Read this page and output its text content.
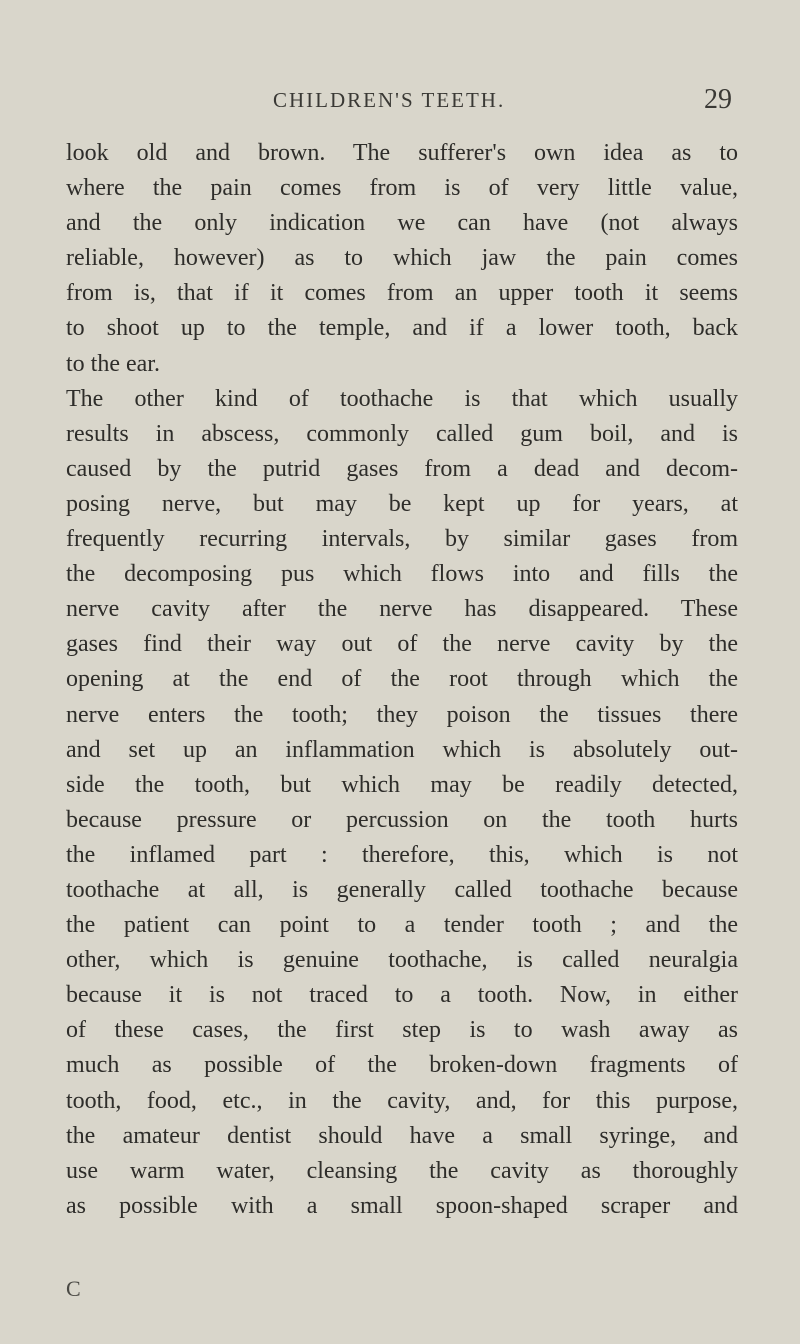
CHILDREN'S TEETH.	29
look old and brown. The sufferer's own idea as to
where the pain comes from is of very little value,
and the only indication we can have (not always
reliable, however) as to which jaw the pain comes
from is, that if it comes from an upper tooth it seems
to shoot up to the temple, and if a lower tooth, back
to the ear.
The other kind of toothache is that which usually
results in abscess, commonly called gum boil, and is
caused by the putrid gases from a dead and decom-
posing nerve, but may be kept up for years, at
frequently recurring intervals, by similar gases from
the decomposing pus which flows into and fills the
nerve cavity after the nerve has disappeared. These
gases find their way out of the nerve cavity by the
opening at the end of the root through which the
nerve enters the tooth; they poison the tissues there
and set up an inflammation which is absolutely out-
side the tooth, but which may be readily detected,
because pressure or percussion on the tooth hurts
the inflamed part : therefore, this, which is not
toothache at all, is generally called toothache because
the patient can point to a tender tooth ; and the
other, which is genuine toothache, is called neuralgia
because it is not traced to a tooth. Now, in either
of these cases, the first step is to wash away as
much as possible of the broken-down fragments of
tooth, food, etc., in the cavity, and, for this purpose,
the amateur dentist should have a small syringe, and
use warm water, cleansing the cavity as thoroughly
as possible with a small spoon-shaped scraper and
C
